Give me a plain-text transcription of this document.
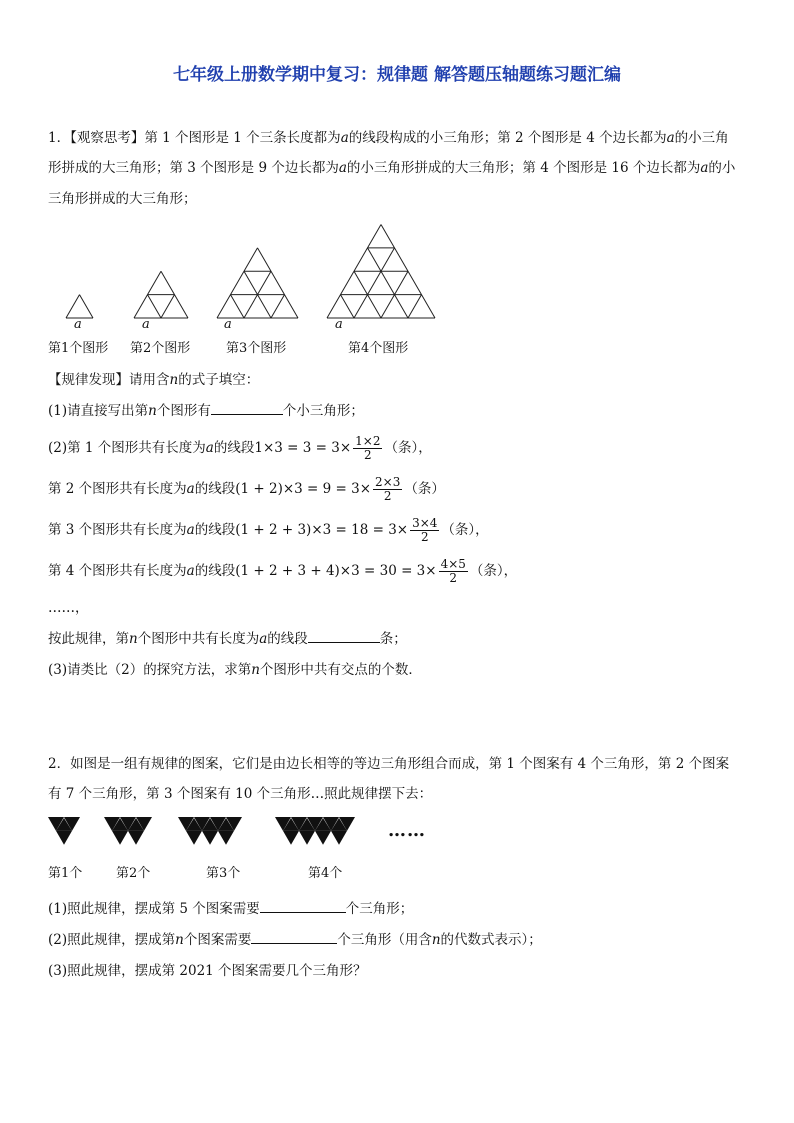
七年级上册数学期中复习：规律题 解答题压轴题练习题汇编
1．【观察思考】第 1 个图形是 1 个三条长度都为a的线段构成的小三角形；第 2 个图形是 4 个边长都为a的小三角
形拼成的大三角形；第 3 个图形是 9 个边长都为a的小三角形拼成的大三角形；第 4 个图形是 16 个边长都为a的小
三角形拼成的大三角形；
a	a	a	a
第1个图形 第2个图形	第3个图形	第4个图形
【规律发现】请用含n的式子填空：
(1)请直接写出第n个图形有	个小三角形；
(2)第 1 个图形共有长度为a的线段$1\times 3 = 3 = 3\times \frac{1\times 2}{2}$ （条），
第 2 个图形共有长度为a的线段$(1 + 2)\times 3 = 9 = 3\times \frac{2\times 3}{2}$ （条）
第 3 个图形共有长度为a的线段$(1 + 2 + 3)\times 3 = 18 = 3\times \frac{3\times 4}{2}$ （条），
第 4 个图形共有长度为a的线段$(1 + 2 + 3 + 4)\times 3 = 30 = 3\times \frac{4\times 5}{2}$ （条），
……，
按此规律，第n个图形中共有长度为a的线段	条；
(3)请类比（2）的探究方法，求第n个图形中共有交点的个数．
2．如图是一组有规律的图案，它们是由边长相等的等边三角形组合而成，第 1 个图案有 4 个三角形，第 2 个图案
有 7 个三角形，第 3 个图案有 10 个三角形…照此规律摆下去：
……
第1个	第2个	第3个	第4个
(1)照此规律，摆成第 5 个图案需要	个三角形；
(2)照此规律，摆成第n个图案需要	个三角形（用含n的代数式表示）；
(3)照此规律，摆成第 2021 个图案需要几个三角形？
